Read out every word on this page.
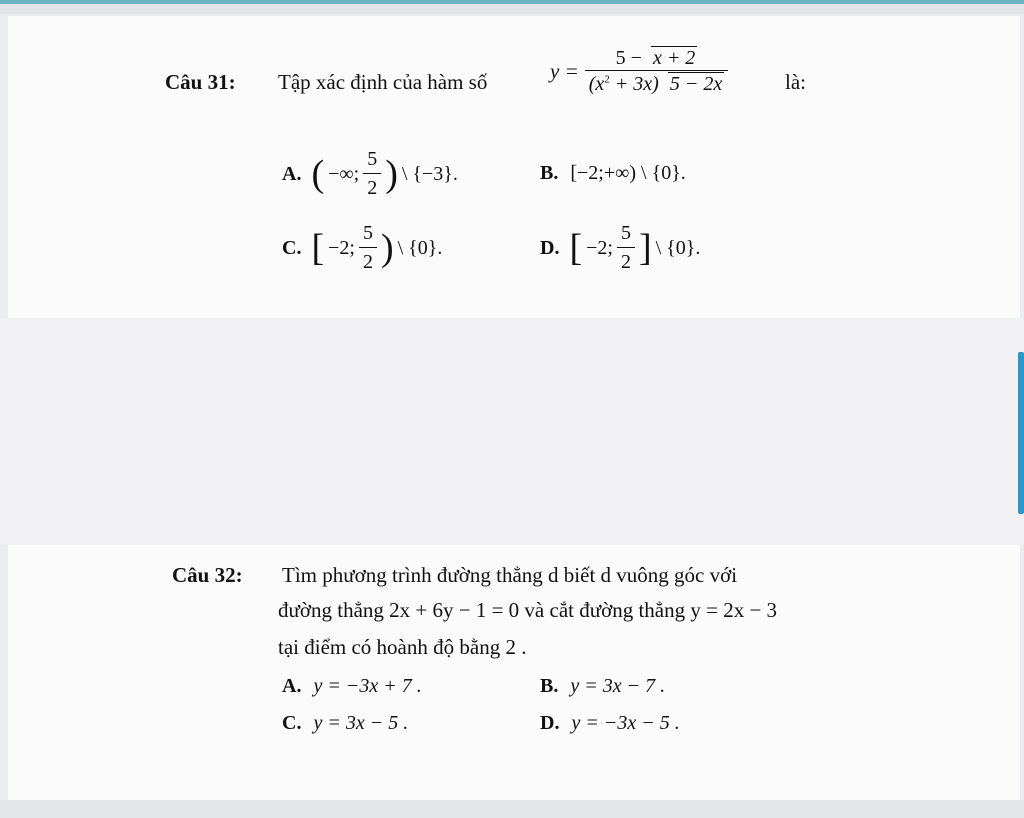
Câu 31: Tập xác định của hàm số	$y = \frac{5 - x + 2}{(x^2 + 3x) 5 - 2x}$	là:
A. ( −∞; $\frac{5}{2}$ ) \ {−3}.	B. [−2;+∞) \ {0}.
C. [ −2; $\frac{5}{2}$ ) \ {0}.	D. [ −2; $\frac{5}{2}$ ] \ {0}.
Câu 32: Tìm phương trình đường thẳng d biết d vuông góc với
đường thẳng 2x + 6y − 1 = 0 và cắt đường thẳng y = 2x − 3
tại điểm có hoành độ bằng 2 .
A. y = −3x + 7 .	B. y = 3x − 7 .
C. y = 3x − 5 .	D. y = −3x − 5 .
